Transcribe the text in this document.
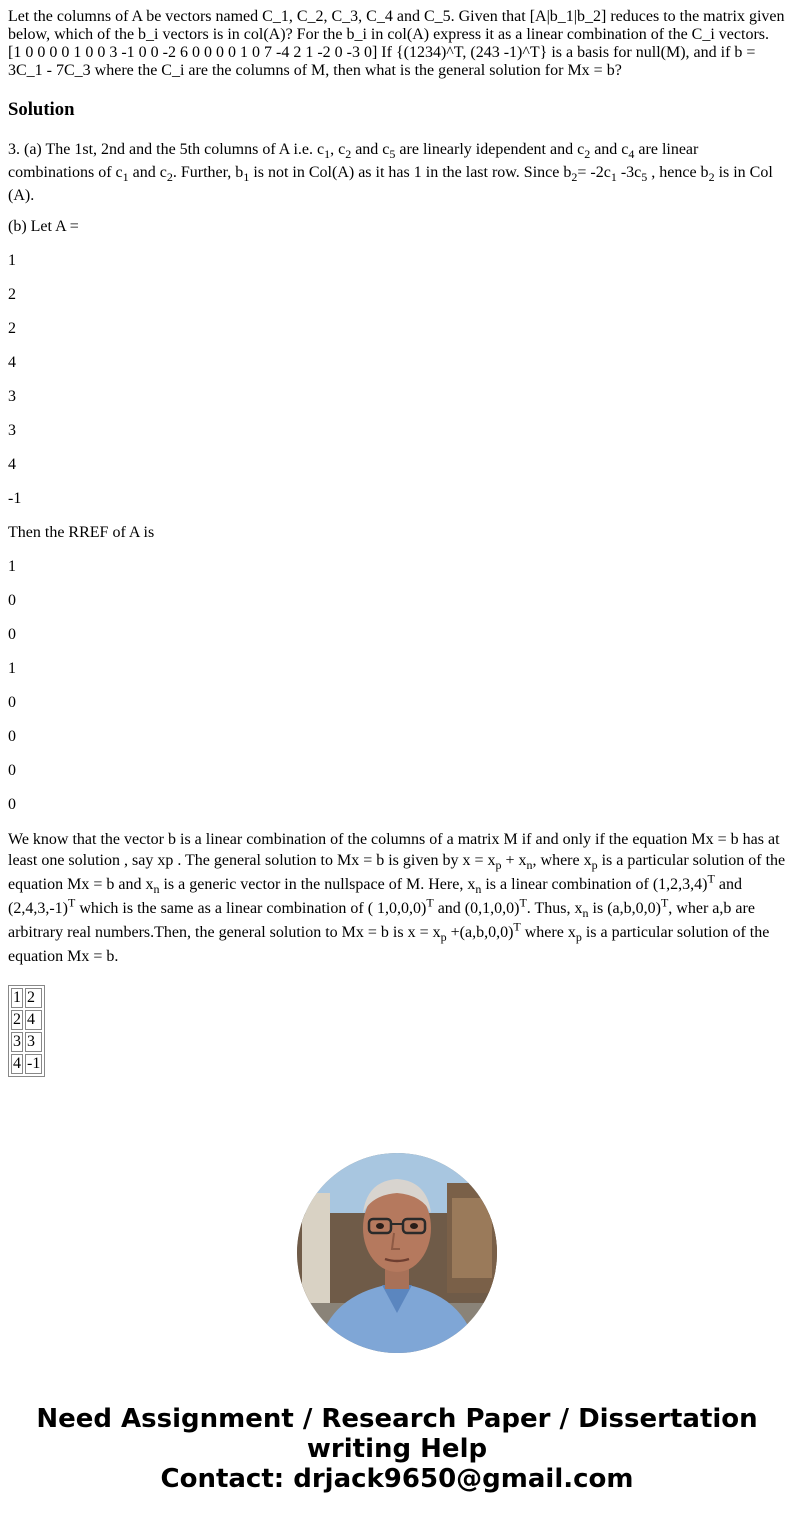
Let the columns of A be vectors named C_1, C_2, C_3, C_4 and C_5. Given that [A|b_1|b_2] reduces to the matrix given below, which of the b_i vectors is in col(A)? For the b_i in col(A) express it as a linear combination of the C_i vectors. [1 0 0 0 0 1 0 0 3 -1 0 0 -2 6 0 0 0 0 1 0 7 -4 2 1 -2 0 -3 0] If {(1234)^T, (243 -1)^T} is a basis for null(M), and if b = 3C_1 - 7C_3 where the C_i are the columns of M, then what is the general solution for Mx = b?

Solution

3. (a) The 1st, 2nd and the 5th columns of A i.e. $c_1$, $c_2$ and $c_5$ are linearly idependent and $c_2$ and $c_4$ are linear combinations of $c_1$ and $c_2$. Further, $b_1$ is not in Col(A) as it has 1 in the last row. Since $b_2= -2c_1$ $-3c_5$ , hence $b_2$ is in Col (A).

(b) Let A =

1

2

2

4

3

3

4

-1

Then the RREF of A is

1

0

0

1

0

0

0

0

We know that the vector b is a linear combination of the columns of a matrix M if and only if the equation Mx = b has at
least one solution , say xp . The general solution to Mx = b is given by $x = x_p + x_n$, where $x_p$ is a particular solution of the equation Mx = b and $x_n$ is a generic vector in the nullspace of M. Here, $x_n$ is a linear combination of $(1,2,3,4)^T$ and $(2,4,3,-1)^T$ which is the same as a linear combination of ( 1,0,0,0)$^T$ and $(0,1,0,0)^T$. Thus, $x_n$ is $(a,b,0,0)^T$, wher a,b are arbitrary real numbers.Then, the general solution to Mx = b is $x = x_p +(a,b,0,0)^T$ where $x_p$ is a particular solution of the equation Mx = b.

1	2
2	4
3	3
4	-1
Need Assignment / Research Paper / Dissertation
writing Help
Contact: drjack9650@gmail.com
